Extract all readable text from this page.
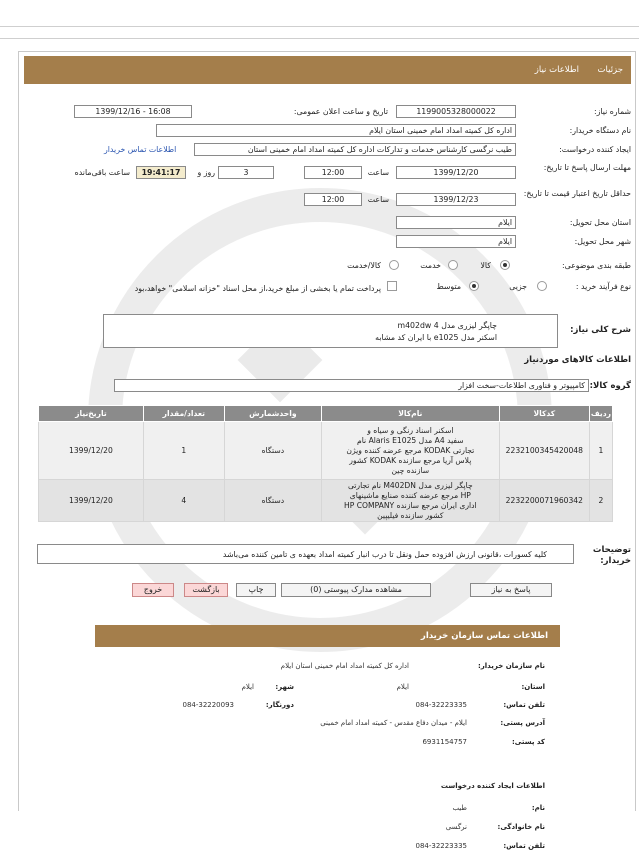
جزئیات
اطلاعات نیاز
شماره نیاز:
1199005328000022
تاریخ و ساعت اعلان عمومی:
1399/12/16 - 16:08
نام دستگاه خریدار:
اداره کل کمیته امداد امام خمینی استان ایلام
ایجاد کننده درخواست:
طیب نرگسی کارشناس خدمات و تدارکات اداره کل کمیته امداد امام خمینی استان
اطلاعات تماس خریدار
مهلت ارسال پاسخ تا تاریخ:
1399/12/20
ساعت
12:00
3
روز و
19:41:17
ساعت باقی‌مانده
حداقل تاریخ اعتبار قیمت تا تاریخ:
1399/12/23
ساعت
12:00
استان محل تحویل:
ایلام
شهر محل تحویل:
ایلام
طبقه بندی موضوعی:
کالا
خدمت
کالا/خدمت
نوع فرآیند خرید :
جزیی
متوسط
پرداخت تمام یا بخشی از مبلغ خرید،از محل اسناد "خزانه اسلامی" خواهد،بود
شرح کلی نیاز:
چاپگر لیزری مدل m402dw 4
اسکنر مدل e1025 با ایران کد مشابه
اطلاعات کالاهای موردنیاز
گروه کالا:
کامپیوتر و فناوری اطلاعات-سخت افزار
ردیف	کدکالا	نام‌کالا	واحدشمارش	تعداد/مقدار	تاریخ‌نیاز
1	2232100345420048	اسکنر اسناد رنگی و سیاه و
سفید A4 مدل Alaris E1025 نام
تجارتی KODAK مرجع عرضه کننده ویژن
پلاس آریا مرجع سازنده KODAK کشور
سازنده چین	دستگاه	1	1399/12/20
2	2232200071960342	چاپگر لیزری مدل M402DN نام تجارتی
HP مرجع عرضه کننده صنایع ماشینهای
اداری ایران مرجع سازنده HP COMPANY
کشور سازنده فیلیپین	دستگاه	4	1399/12/20
توضیحات خریدار:
کلیه کسورات ،قانونی ارزش افزوده حمل ونقل تا درب انبار کمیته امداد بعهده ی تامین کننده می‌باشد
پاسخ به نیاز
مشاهده مدارک پیوستی (0)
چاپ
بازگشت
خروج
اطلاعات تماس سازمان خریدار
نام سازمان خریدار:
اداره کل کمیته امداد امام خمینی استان ایلام
استان:
ایلام
شهر:
ایلام
تلفن تماس:
084-32223335
دورنگار:
084-32220093
آدرس پستی:
ایلام - میدان دفاع مقدس - کمیته امداد امام خمینی
کد پستی:
6931154757
اطلاعات ایجاد کننده درخواست
نام:
طیب
نام خانوادگی:
نرگسی
تلفن تماس:
084-32223335
